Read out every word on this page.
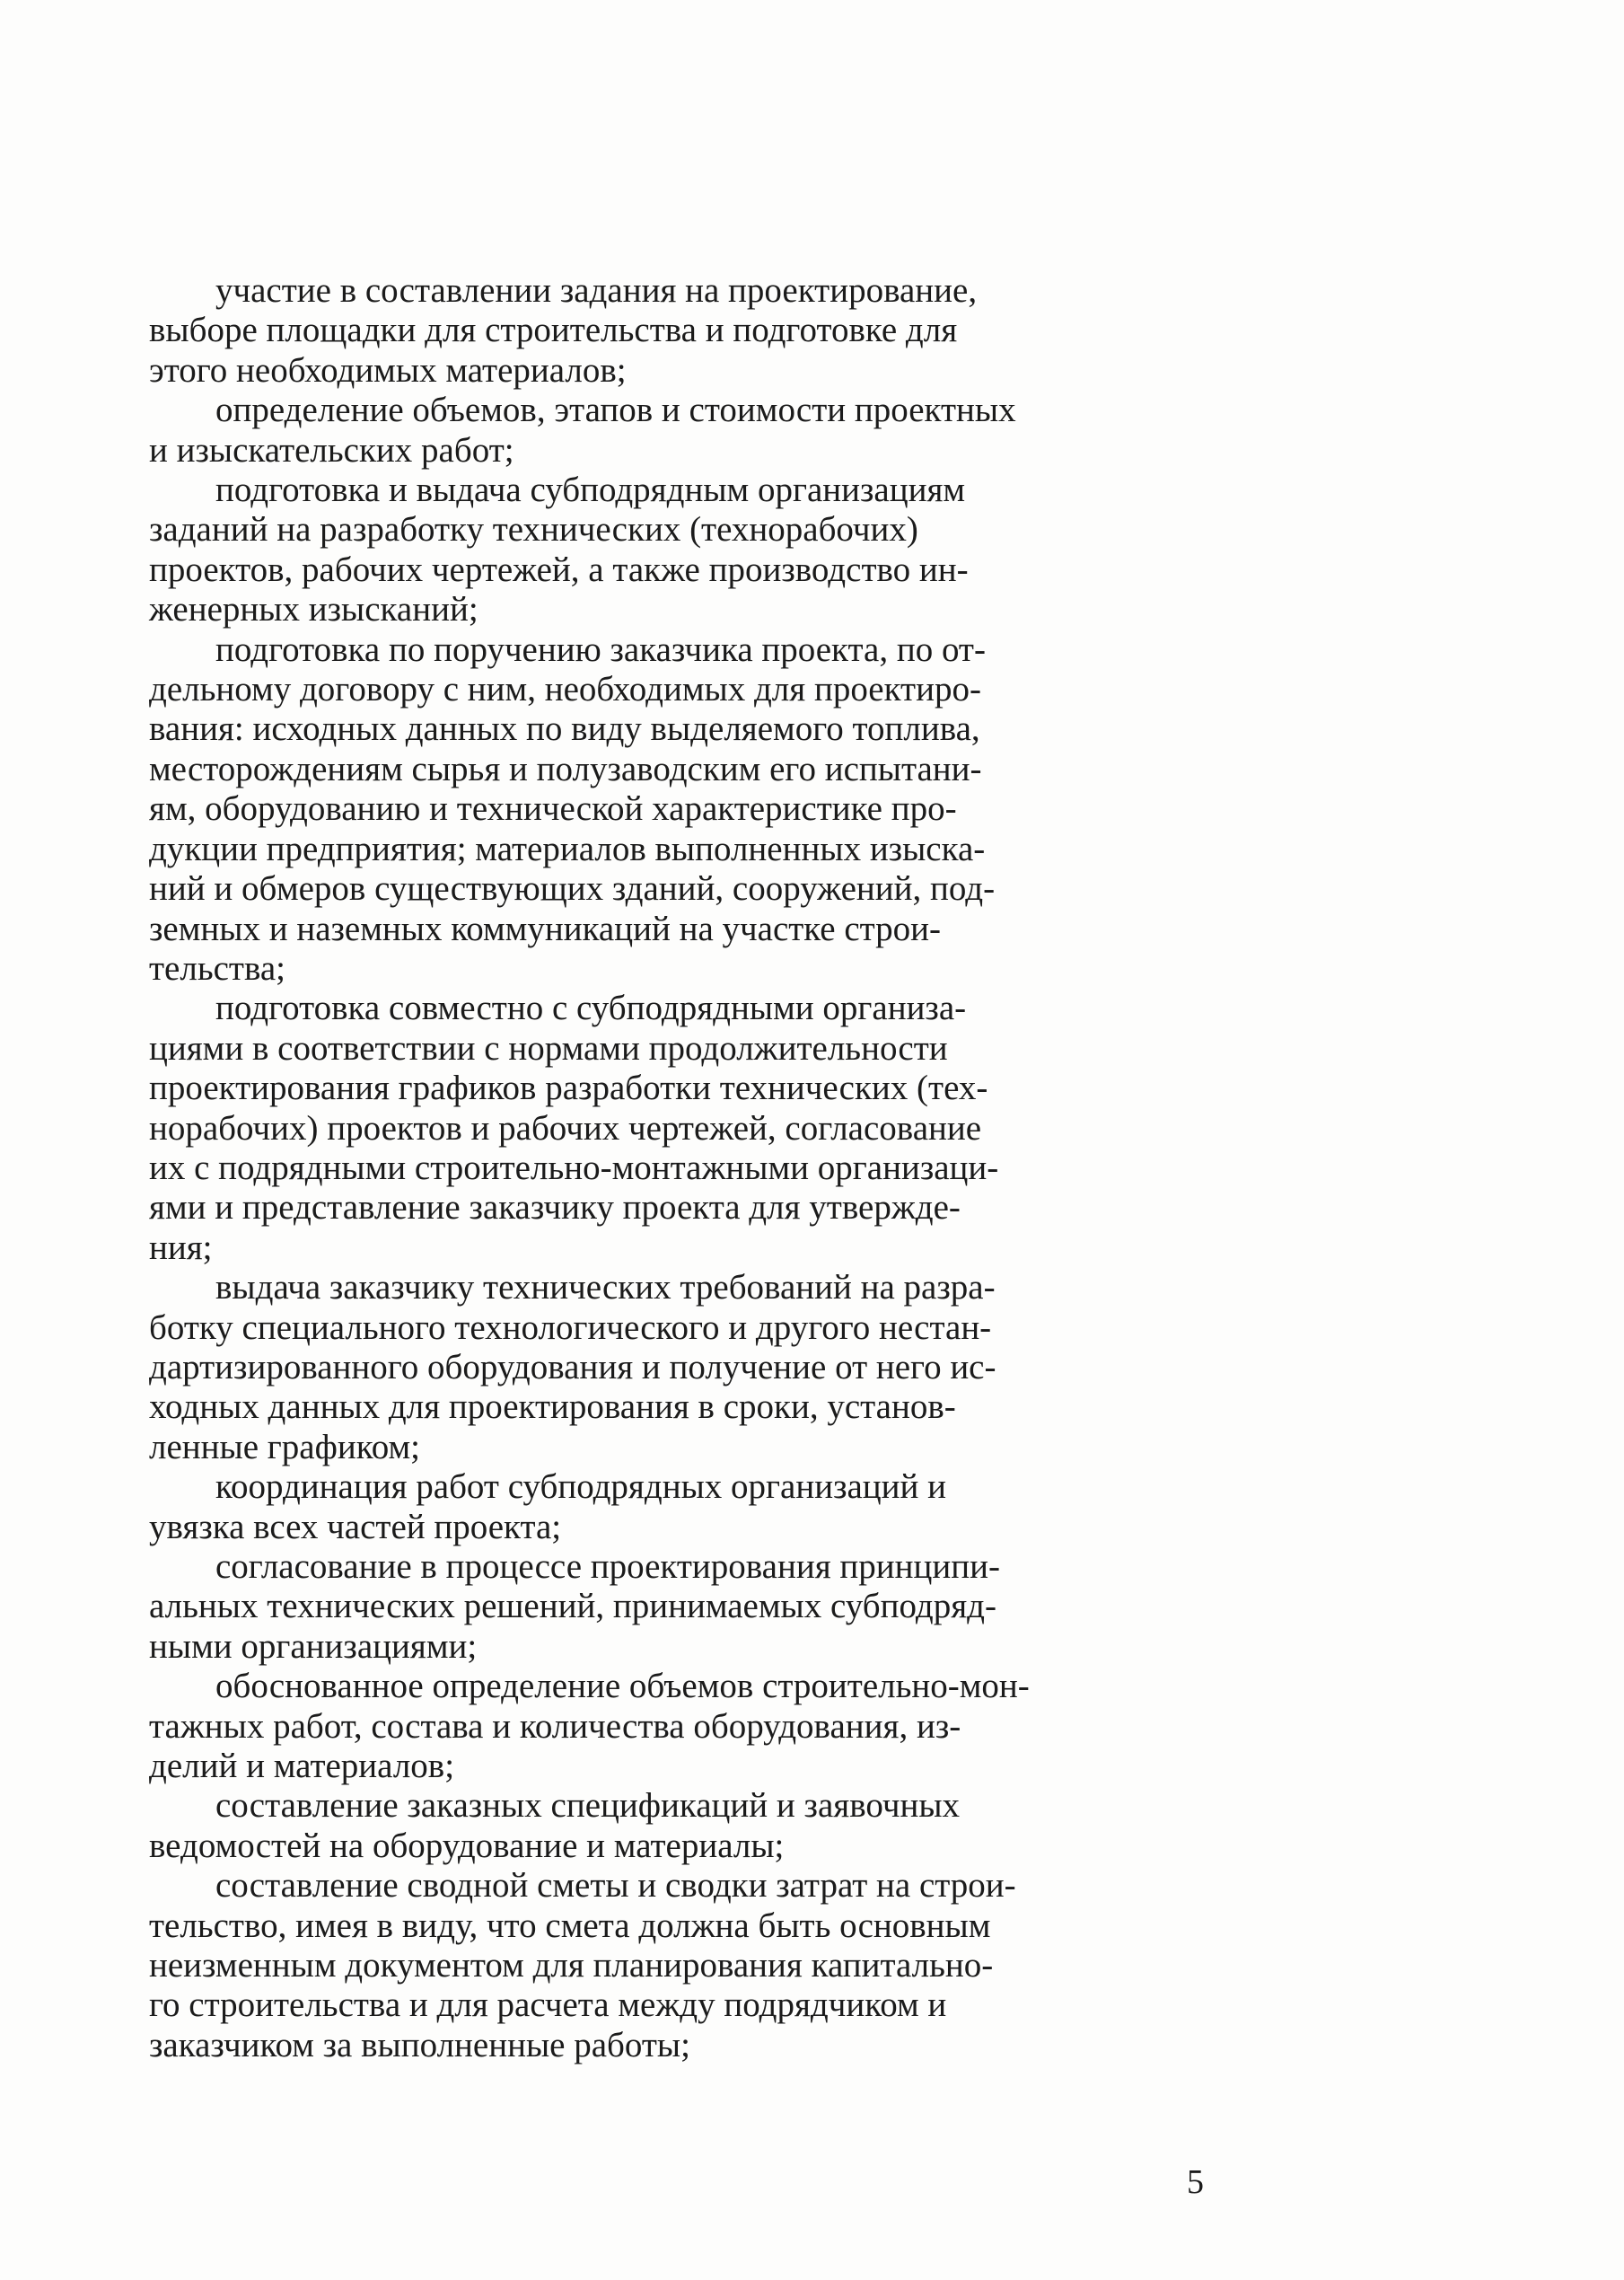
участие в составлении задания на проектирование,
выборе площадки для строительства и подготовке для
этого необходимых материалов;

определение объемов, этапов и стоимости проектных
и изыскательских работ;

подготовка и выдача субподрядным организациям
заданий на разработку технических (технорабочих)
проектов, рабочих чертежей, а также производство ин-
женерных изысканий;

подготовка по поручению заказчика проекта, по от-
дельному договору с ним, необходимых для проектиро-
вания: исходных данных по виду выделяемого топлива,
месторождениям сырья и полузаводским его испытани-
ям, оборудованию и технической характеристике про-
дукции предприятия; материалов выполненных изыска-
ний и обмеров существующих зданий, сооружений, под-
земных и наземных коммуникаций на участке строи-
тельства;

подготовка совместно с субподрядными организа-
циями в соответствии с нормами продолжительности
проектирования графиков разработки технических (тех-
норабочих) проектов и рабочих чертежей, согласование
их с подрядными строительно-монтажными организаци-
ями и представление заказчику проекта для утвержде-
ния;

выдача заказчику технических требований на разра-
ботку специального технологического и другого нестан-
дартизированного оборудования и получение от него ис-
ходных данных для проектирования в сроки, установ-
ленные графиком;

координация работ субподрядных организаций и
увязка всех частей проекта;

согласование в процессе проектирования принципи-
альных технических решений, принимаемых субподряд-
ными организациями;

обоснованное определение объемов строительно-мон-
тажных работ, состава и количества оборудования, из-
делий и материалов;

составление заказных спецификаций и заявочных
ведомостей на оборудование и материалы;

составление сводной сметы и сводки затрат на строи-
тельство, имея в виду, что смета должна быть основным
неизменным документом для планирования капитально-
го строительства и для расчета между подрядчиком и
заказчиком за выполненные работы;

5
